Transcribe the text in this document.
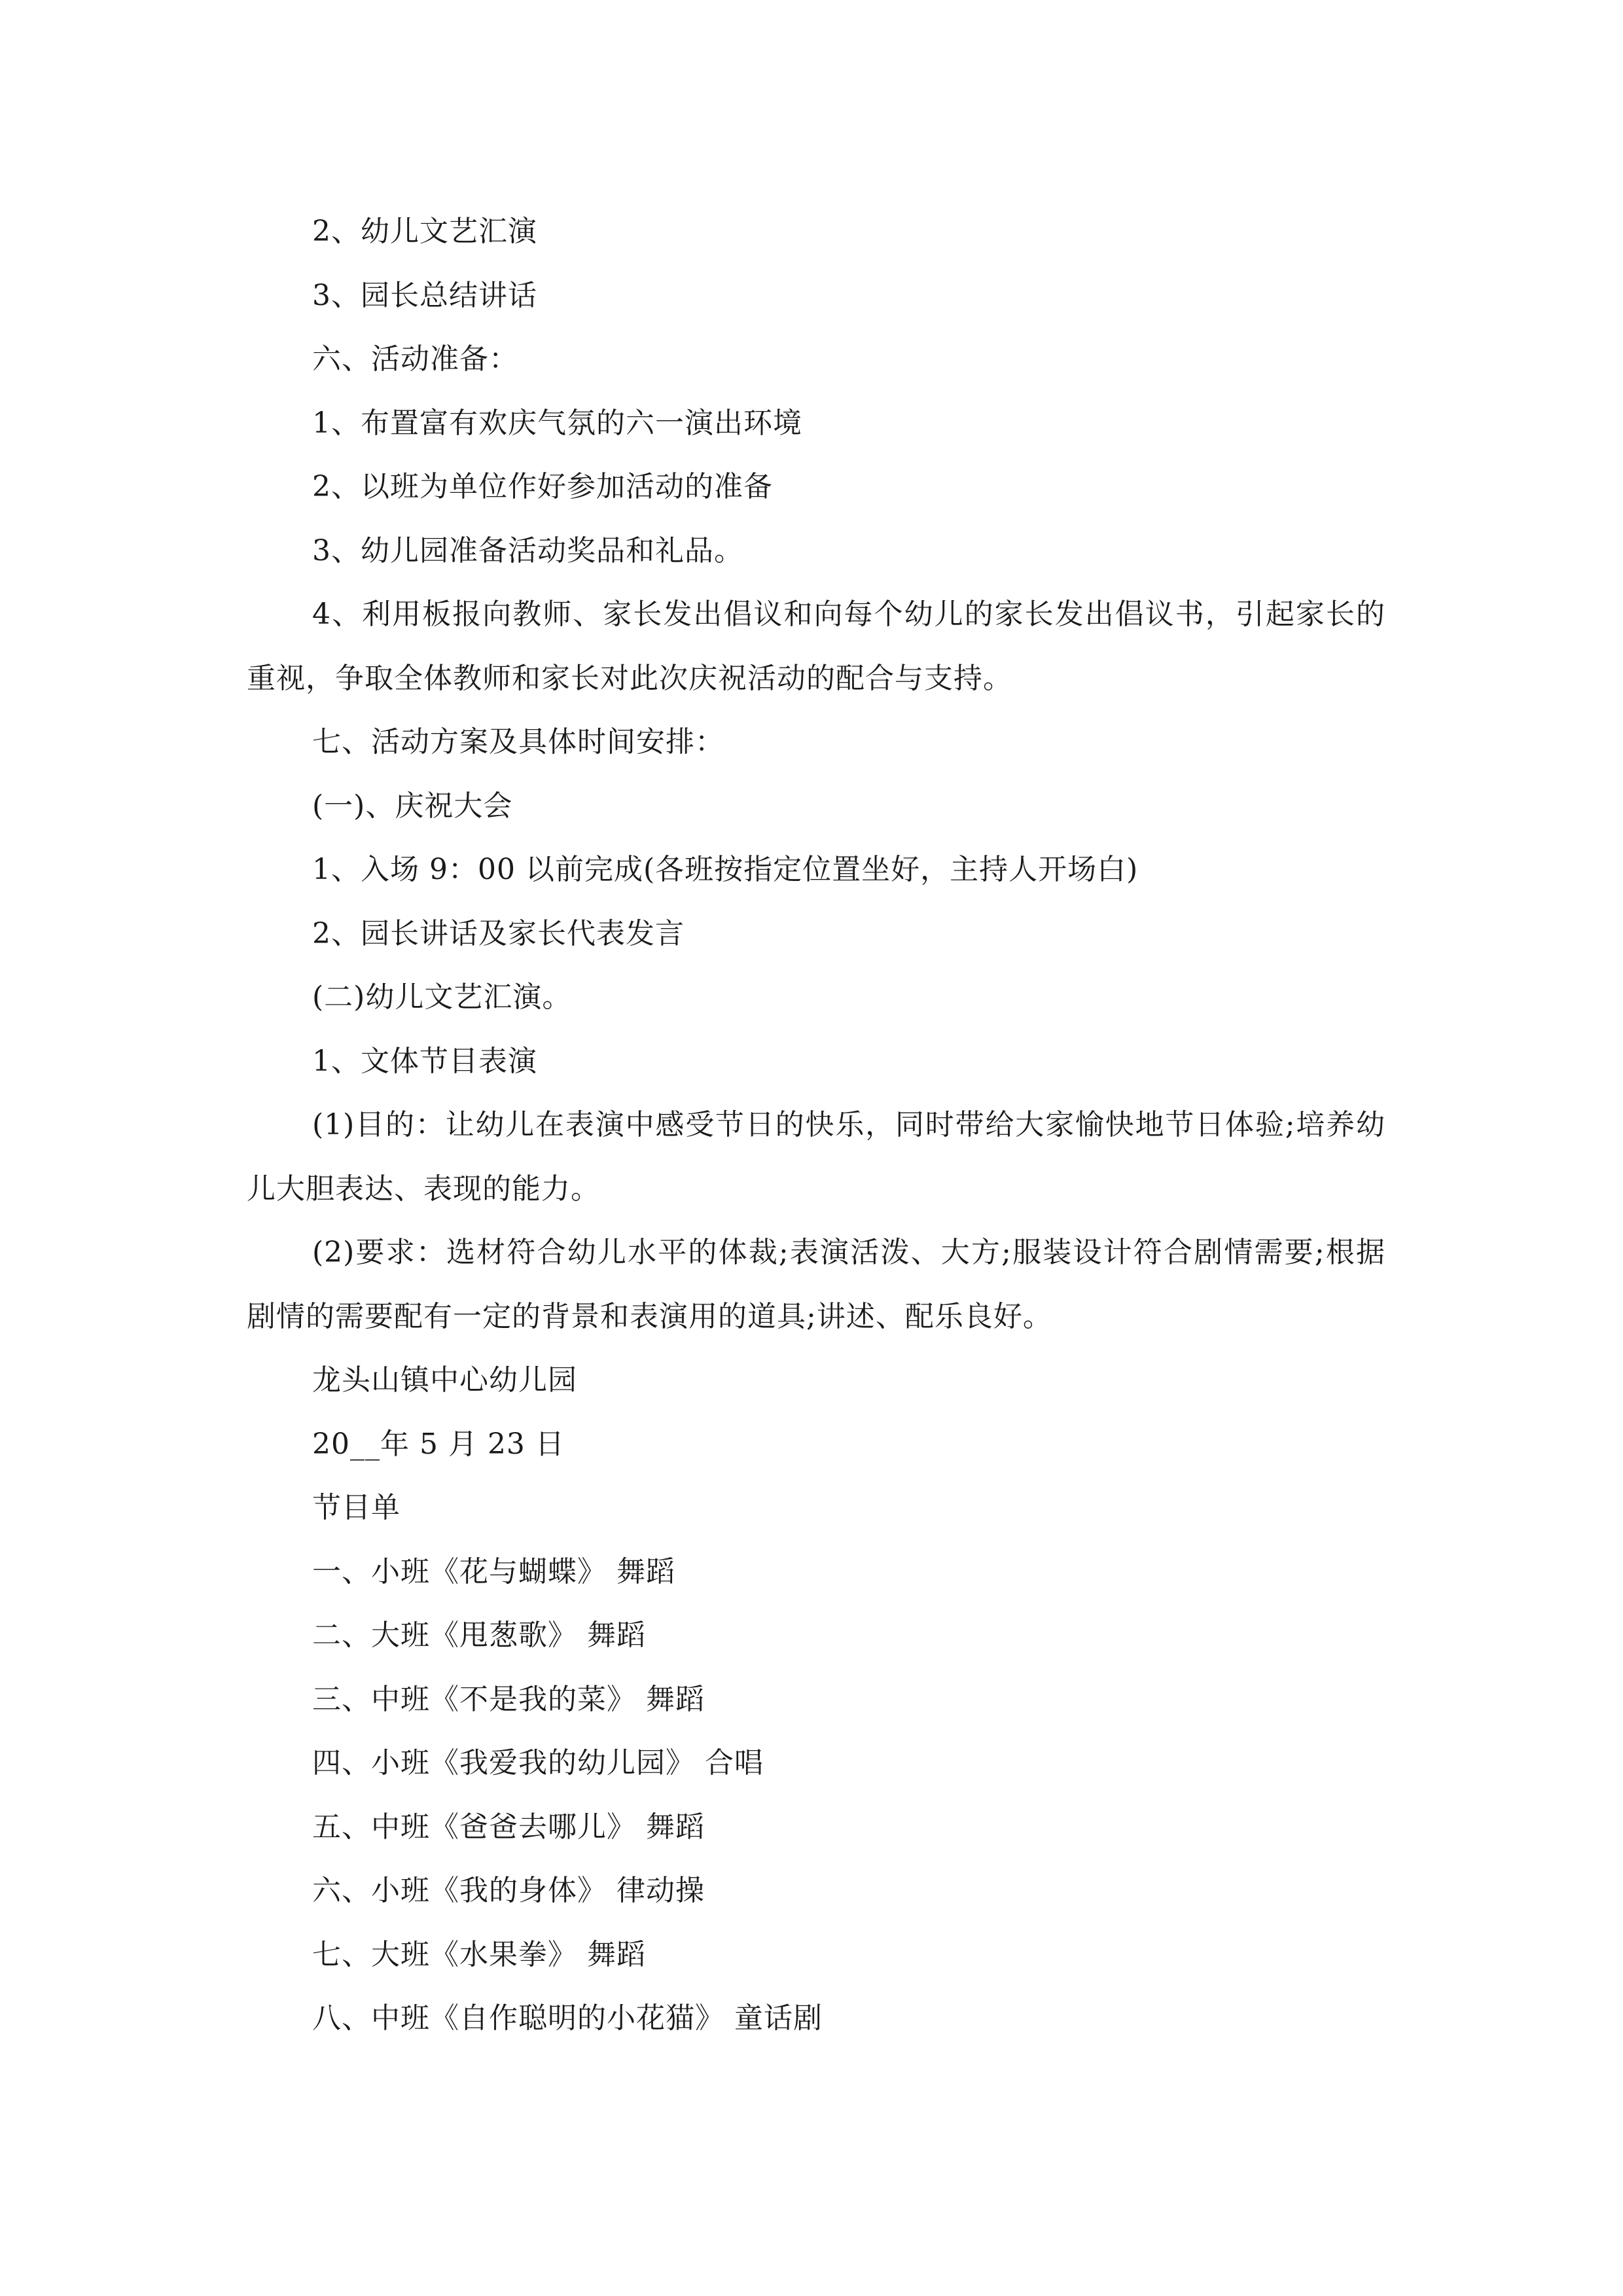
2、幼儿文艺汇演

3、园长总结讲话

六、活动准备：

1、布置富有欢庆气氛的六一演出环境

2、以班为单位作好参加活动的准备

3、幼儿园准备活动奖品和礼品。

4、利用板报向教师、家长发出倡议和向每个幼儿的家长发出倡议书，引起家长的重视，争取全体教师和家长对此次庆祝活动的配合与支持。

七、活动方案及具体时间安排：

(一)、庆祝大会

1、入场 9：00 以前完成(各班按指定位置坐好，主持人开场白)

2、园长讲话及家长代表发言

(二)幼儿文艺汇演。

1、文体节目表演

(1)目的：让幼儿在表演中感受节日的快乐，同时带给大家愉快地节日体验;培养幼儿大胆表达、表现的能力。

(2)要求：选材符合幼儿水平的体裁;表演活泼、大方;服装设计符合剧情需要;根据剧情的需要配有一定的背景和表演用的道具;讲述、配乐良好。

龙头山镇中心幼儿园

20__年 5 月 23 日

节目单

一、小班《花与蝴蝶》 舞蹈

二、大班《甩葱歌》 舞蹈

三、中班《不是我的菜》 舞蹈

四、小班《我爱我的幼儿园》 合唱

五、中班《爸爸去哪儿》 舞蹈

六、小班《我的身体》 律动操

七、大班《水果拳》 舞蹈

八、中班《自作聪明的小花猫》 童话剧
